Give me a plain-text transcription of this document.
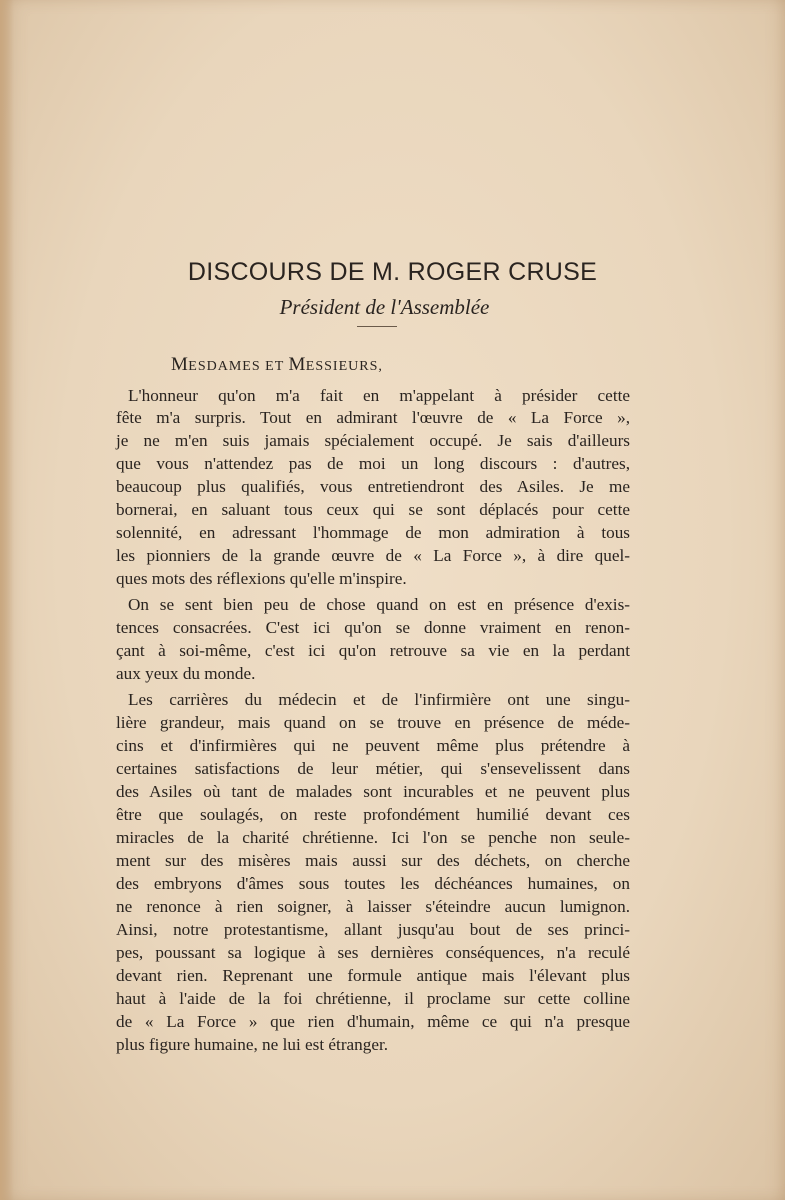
DISCOURS DE M. ROGER CRUSE
Président de l'Assemblée
MESDAMES ET MESSIEURS,
L'honneur qu'on m'a fait en m'appelant à présider cette
fête m'a surpris. Tout en admirant l'œuvre de « La Force »,
je ne m'en suis jamais spécialement occupé. Je sais d'ailleurs
que vous n'attendez pas de moi un long discours : d'autres,
beaucoup plus qualifiés, vous entretiendront des Asiles. Je me
bornerai, en saluant tous ceux qui se sont déplacés pour cette
solennité, en adressant l'hommage de mon admiration à tous
les pionniers de la grande œuvre de « La Force », à dire quel-
ques mots des réflexions qu'elle m'inspire.
On se sent bien peu de chose quand on est en présence d'exis-
tences consacrées. C'est ici qu'on se donne vraiment en renon-
çant à soi-même, c'est ici qu'on retrouve sa vie en la perdant
aux yeux du monde.
Les carrières du médecin et de l'infirmière ont une singu-
lière grandeur, mais quand on se trouve en présence de méde-
cins et d'infirmières qui ne peuvent même plus prétendre à
certaines satisfactions de leur métier, qui s'ensevelissent dans
des Asiles où tant de malades sont incurables et ne peuvent plus
être que soulagés, on reste profondément humilié devant ces
miracles de la charité chrétienne. Ici l'on se penche non seule-
ment sur des misères mais aussi sur des déchets, on cherche
des embryons d'âmes sous toutes les déchéances humaines, on
ne renonce à rien soigner, à laisser s'éteindre aucun lumignon.
Ainsi, notre protestantisme, allant jusqu'au bout de ses princi-
pes, poussant sa logique à ses dernières conséquences, n'a reculé
devant rien. Reprenant une formule antique mais l'élevant plus
haut à l'aide de la foi chrétienne, il proclame sur cette colline
de « La Force » que rien d'humain, même ce qui n'a presque
plus figure humaine, ne lui est étranger.
